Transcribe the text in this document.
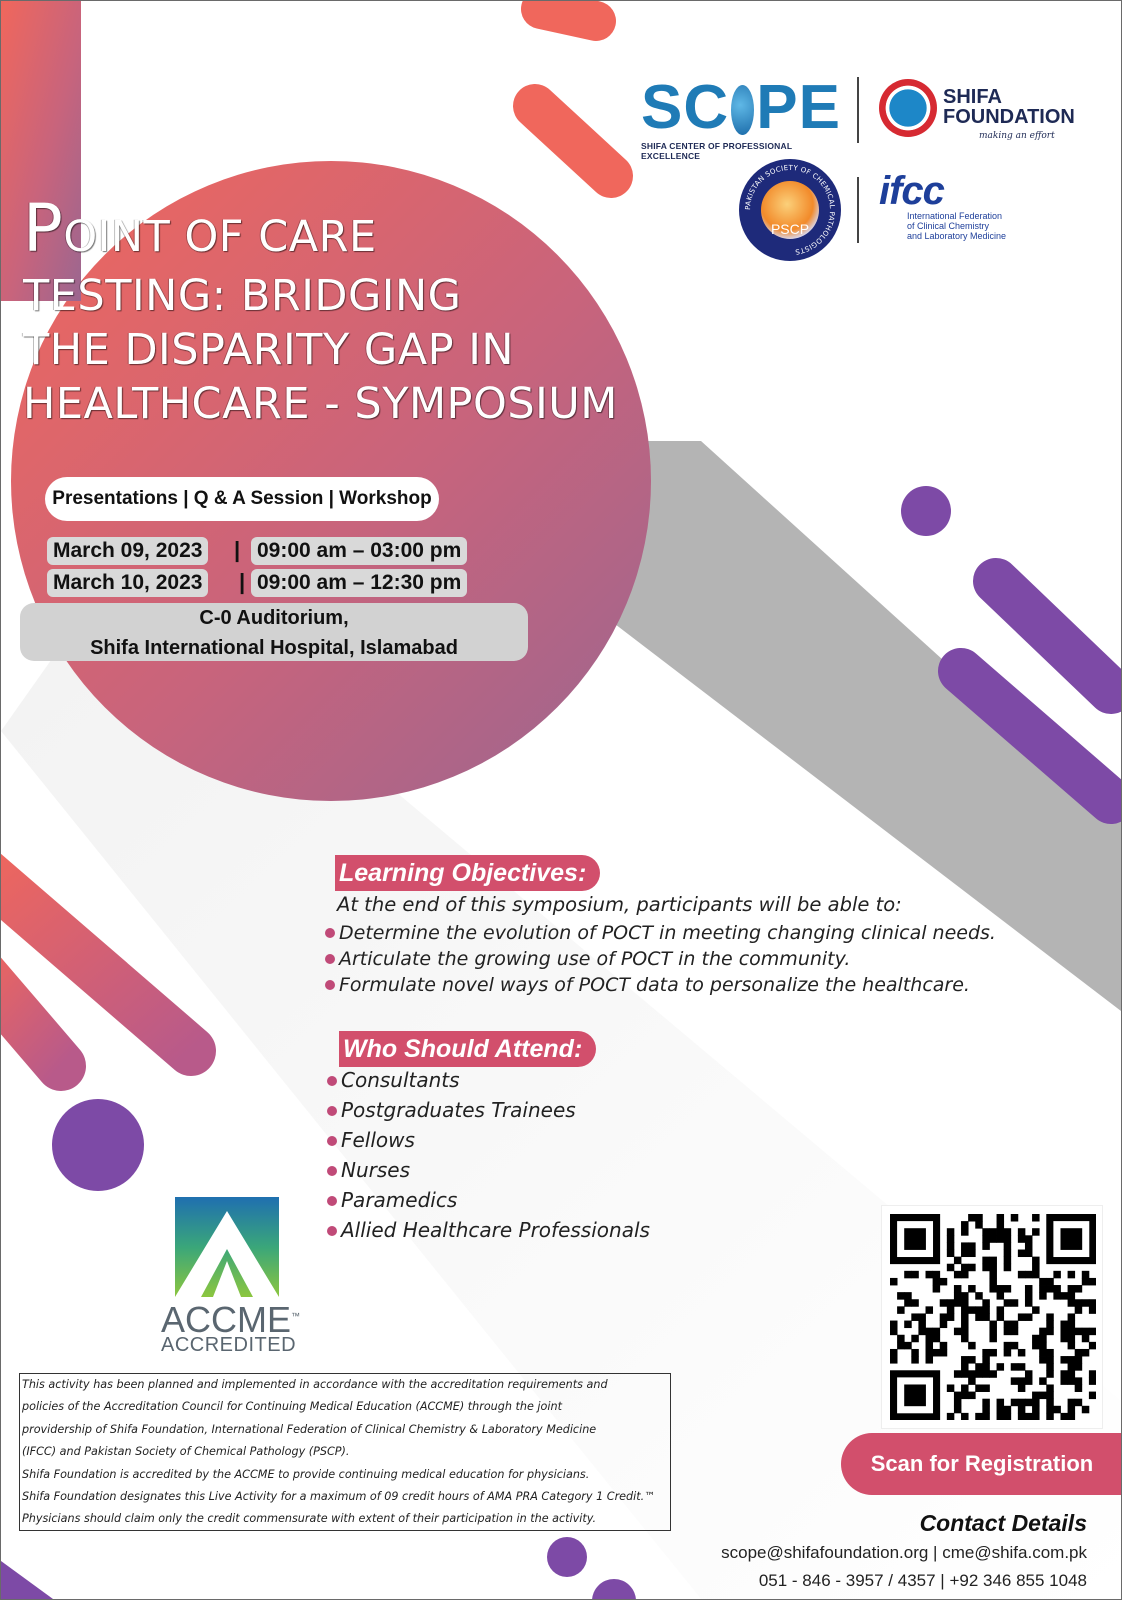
SC PE
SHIFA CENTER OF PROFESSIONAL EXCELLENCE
SHIFA
FOUNDATION
making an effort
PAKISTAN SOCIETY OF CHEMICAL PATHOLOGISTS
PSCP
ifcc
International Federation
of Clinical Chemistry
and Laboratory Medicine
POINT OF CARE
TESTING: BRIDGING
THE DISPARITY GAP IN
HEALTHCARE - SYMPOSIUM
Presentations | Q & A Session | Workshop
March 09, 2023 | 09:00 am – 03:00 pm
March 10, 2023 | 09:00 am – 12:30 pm
C-0 Auditorium,
Shifa International Hospital, Islamabad
Learning Objectives:
At the end of this symposium, participants will be able to:
Determine the evolution of POCT in meeting changing clinical needs.
Articulate the growing use of POCT in the community.
Formulate novel ways of POCT data to personalize the healthcare.
Who Should Attend:
Consultants
Postgraduates Trainees
Fellows
Nurses
Paramedics
Allied Healthcare Professionals
ACCME™
ACCREDITED

This activity has been planned and implemented in accordance with the accreditation requirements and

policies of the Accreditation Council for Continuing Medical Education (ACCME) through the joint

providership of Shifa Foundation, International Federation of Clinical Chemistry & Laboratory Medicine

(IFCC) and Pakistan Society of Chemical Pathology (PSCP).

Shifa Foundation is accredited by the ACCME to provide continuing medical education for physicians.

Shifa Foundation designates this Live Activity for a maximum of 09 credit hours of AMA PRA Category 1 Credit.™

Physicians should claim only the credit commensurate with extent of their participation in the activity.

Scan for Registration
Contact Details
scope@shifafoundation.org | cme@shifa.com.pk
051 - 846 - 3957 / 4357 | +92 346 855 1048
